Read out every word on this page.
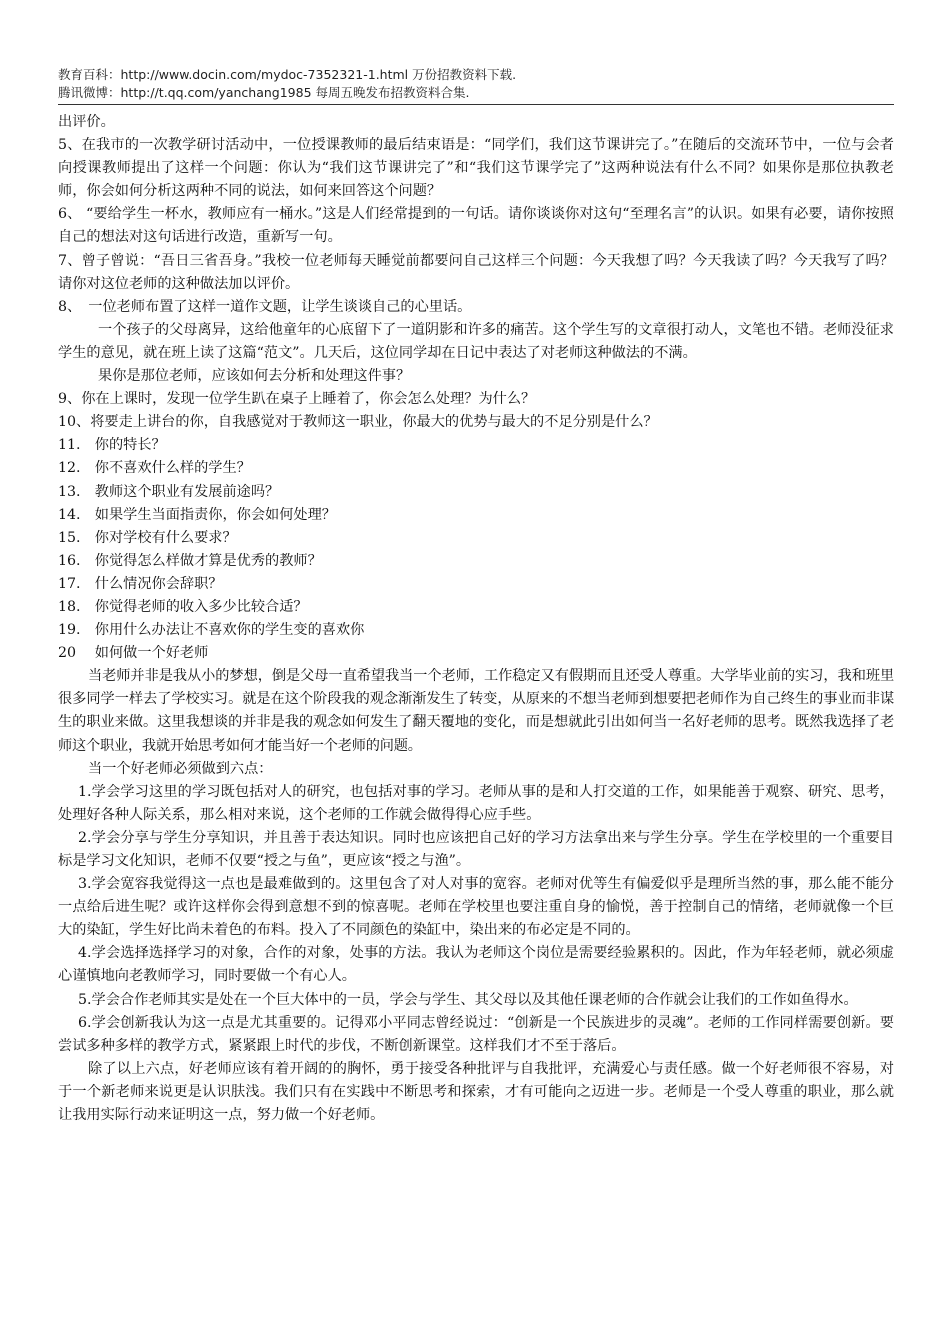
教育百科：http://www.docin.com/mydoc-7352321-1.html 万份招教资料下载.
腾讯微博：http://t.qq.com/yanchang1985 每周五晚发布招教资料合集.

出评价。

5、在我市的一次教学研讨活动中，一位授课教师的最后结束语是：“同学们，我们这节课讲完了。”在随后的交流环节中，一位与会者向授课教师提出了这样一个问题：你认为“我们这节课讲完了”和“我们这节课学完了”这两种说法有什么不同？如果你是那位执教老师，你会如何分析这两种不同的说法，如何来回答这个问题？

6、 “要给学生一杯水，教师应有一桶水。”这是人们经常提到的一句话。请你谈谈你对这句“至理名言”的认识。如果有必要，请你按照自己的想法对这句话进行改造，重新写一句。

7、曾子曾说：“吾日三省吾身。”我校一位老师每天睡觉前都要问自己这样三个问题：今天我想了吗？今天我读了吗？今天我写了吗？请你对这位老师的这种做法加以评价。

8、　一位老师布置了这样一道作文题，让学生谈谈自己的心里话。

一个孩子的父母离异，这给他童年的心底留下了一道阴影和许多的痛苦。这个学生写的文章很打动人，文笔也不错。老师没征求学生的意见，就在班上读了这篇“范文”。几天后，这位同学却在日记中表达了对老师这种做法的不满。

果你是那位老师，应该如何去分析和处理这件事？

9、你在上课时，发现一位学生趴在桌子上睡着了，你会怎么处理？为什么？

10、将要走上讲台的你，自我感觉对于教师这一职业，你最大的优势与最大的不足分别是什么？

11.　你的特长？

12.　你不喜欢什么样的学生？

13.　教师这个职业有发展前途吗？

14.　如果学生当面指责你，你会如何处理？

15.　你对学校有什么要求？

16.　你觉得怎么样做才算是优秀的教师？

17.　什么情况你会辞职？

18.　你觉得老师的收入多少比较合适？

19.　你用什么办法让不喜欢你的学生变的喜欢你

20　 如何做一个好老师

当老师并非是我从小的梦想，倒是父母一直希望我当一个老师，工作稳定又有假期而且还受人尊重。大学毕业前的实习，我和班里很多同学一样去了学校实习。就是在这个阶段我的观念渐渐发生了转变，从原来的不想当老师到想要把老师作为自己终生的事业而非谋生的职业来做。这里我想谈的并非是我的观念如何发生了翻天覆地的变化，而是想就此引出如何当一名好老师的思考。既然我选择了老师这个职业，我就开始思考如何才能当好一个老师的问题。

当一个好老师必须做到六点：

1.学会学习这里的学习既包括对人的研究，也包括对事的学习。老师从事的是和人打交道的工作，如果能善于观察、研究、思考，处理好各种人际关系，那么相对来说，这个老师的工作就会做得得心应手些。

2.学会分享与学生分享知识，并且善于表达知识。同时也应该把自己好的学习方法拿出来与学生分享。学生在学校里的一个重要目标是学习文化知识，老师不仅要“授之与鱼”，更应该“授之与渔”。

3.学会宽容我觉得这一点也是最难做到的。这里包含了对人对事的宽容。老师对优等生有偏爱似乎是理所当然的事，那么能不能分一点给后进生呢？或许这样你会得到意想不到的惊喜呢。老师在学校里也要注重自身的愉悦，善于控制自己的情绪，老师就像一个巨大的染缸，学生好比尚未着色的布料。投入了不同颜色的染缸中，染出来的布必定是不同的。

4.学会选择选择学习的对象，合作的对象，处事的方法。我认为老师这个岗位是需要经验累积的。因此，作为年轻老师，就必须虚心谨慎地向老教师学习，同时要做一个有心人。

5.学会合作老师其实是处在一个巨大体中的一员，学会与学生、其父母以及其他任课老师的合作就会让我们的工作如鱼得水。

6.学会创新我认为这一点是尤其重要的。记得邓小平同志曾经说过：“创新是一个民族进步的灵魂”。老师的工作同样需要创新。要尝试多种多样的教学方式，紧紧跟上时代的步伐，不断创新课堂。这样我们才不至于落后。

除了以上六点，好老师应该有着开阔的的胸怀，勇于接受各种批评与自我批评，充满爱心与责任感。做一个好老师很不容易，对于一个新老师来说更是认识肤浅。我们只有在实践中不断思考和探索，才有可能向之迈进一步。老师是一个受人尊重的职业，那么就让我用实际行动来证明这一点，努力做一个好老师。
